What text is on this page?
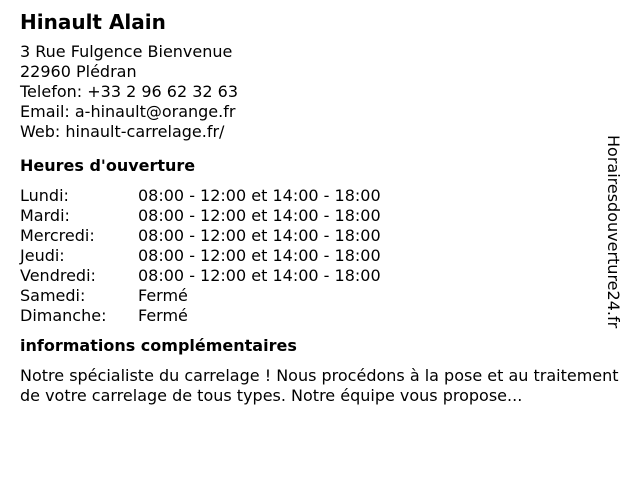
Hinault Alain
3 Rue Fulgence Bienvenue
22960 Plédran
Telefon: +33 2 96 62 32 63
Email: a-hinault@orange.fr
Web: hinault-carrelage.fr/
Heures d'ouverture
Lundi:	08:00 - 12:00 et 14:00 - 18:00
Mardi:	08:00 - 12:00 et 14:00 - 18:00
Mercredi:	08:00 - 12:00 et 14:00 - 18:00
Jeudi:	08:00 - 12:00 et 14:00 - 18:00
Vendredi:	08:00 - 12:00 et 14:00 - 18:00
Samedi:	Fermé
Dimanche:	Fermé
informations complémentaires
Notre spécialiste du carrelage ! Nous procédons à la pose et au traitement de votre carrelage de tous types. Notre équipe vous propose...
Horairesdouverture24.fr
